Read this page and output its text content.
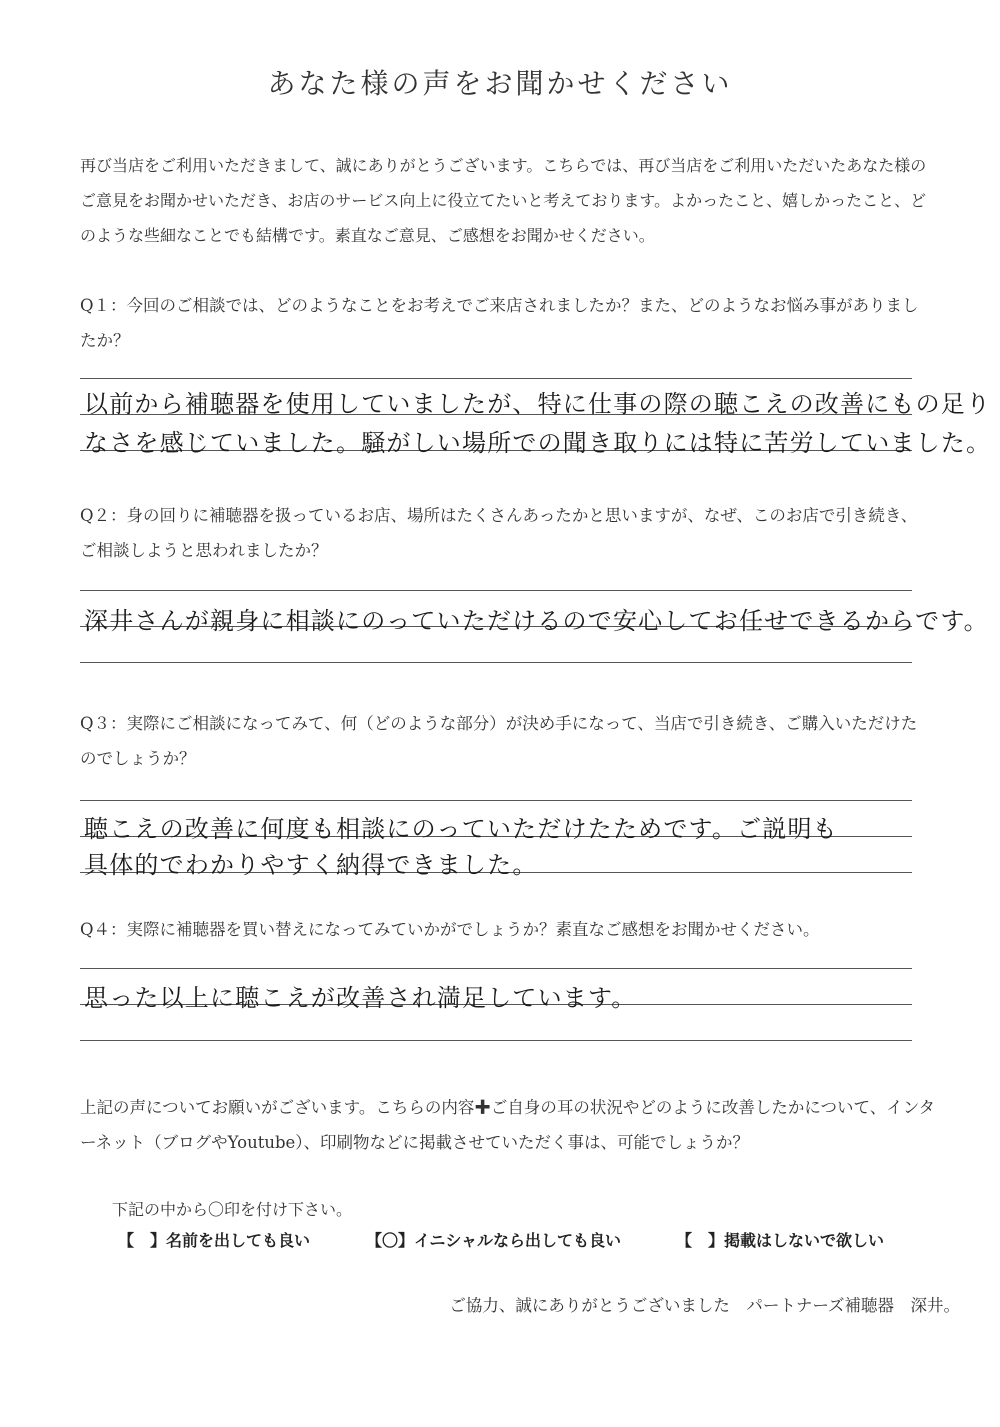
あなた様の声をお聞かせください

再び当店をご利用いただきまして、誠にありがとうございます。こちらでは、再び当店をご利用いただいたあなた様のご意見をお聞かせいただき、お店のサービス向上に役立てたいと考えております。よかったこと、嬉しかったこと、どのような些細なことでも結構です。素直なご意見、ご感想をお聞かせください。

Q１：今回のご相談では、どのようなことをお考えでご来店されましたか？また、どのようなお悩み事がありましたか？

以前から補聴器を使用していましたが、特に仕事の際の聴こえの改善にもの足り
なさを感じていました。騒がしい場所での聞き取りには特に苦労していました。

Q２：身の回りに補聴器を扱っているお店、場所はたくさんあったかと思いますが、なぜ、このお店で引き続き、ご相談しようと思われましたか？

深井さんが親身に相談にのっていただけるので安心してお任せできるからです。

Q３：実際にご相談になってみて、何（どのような部分）が決め手になって、当店で引き続き、ご購入いただけたのでしょうか？

聴こえの改善に何度も相談にのっていただけたためです。ご説明も
具体的でわかりやすく納得できました。

Q４：実際に補聴器を買い替えになってみていかがでしょうか？素直なご感想をお聞かせください。

思った以上に聴こえが改善され満足しています。

上記の声についてお願いがございます。こちらの内容✚ご自身の耳の状況やどのように改善したかについて、インターネット（ブログやYoutube）、印刷物などに掲載させていただく事は、可能でしょうか？

下記の中から〇印を付け下さい。
【　】名前を出しても良い	【〇】イニシャルなら出しても良い	【　】掲載はしないで欲しい
ご協力、誠にありがとうございました　パートナーズ補聴器　深井。
